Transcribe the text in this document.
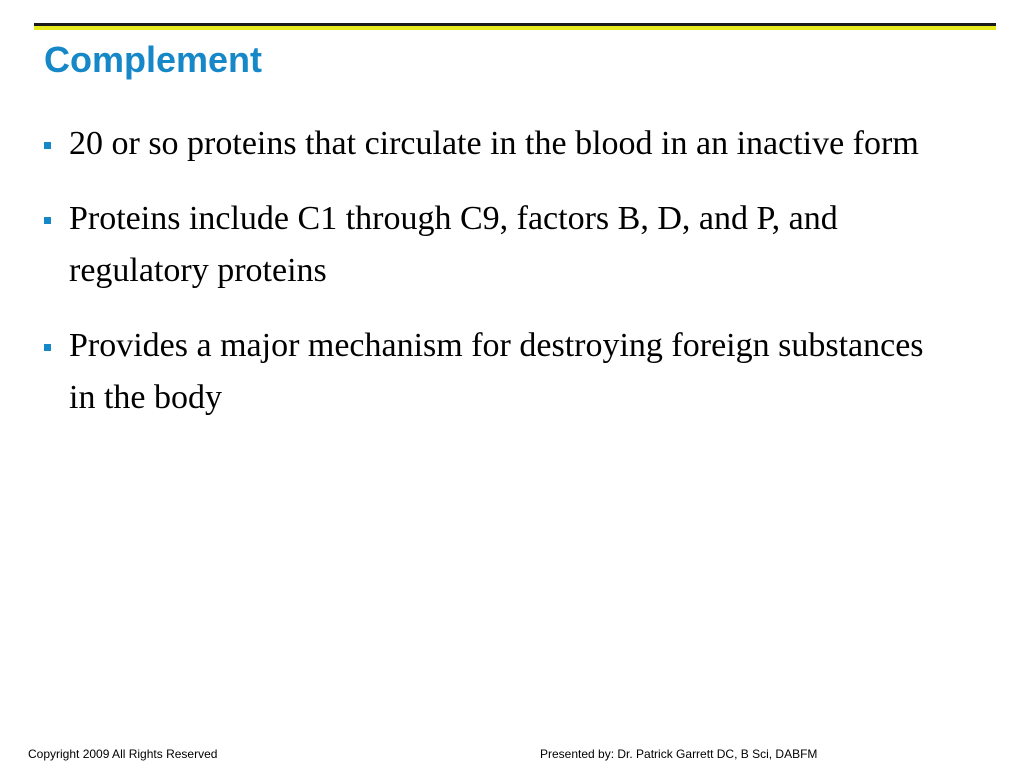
Complement
20 or so proteins that circulate in the blood in an inactive form
Proteins include C1 through C9, factors B, D, and P, and regulatory proteins
Provides a major mechanism for destroying foreign substances in the body
Copyright 2009 All Rights Reserved	Presented by: Dr. Patrick Garrett DC, B Sci, DABFM
